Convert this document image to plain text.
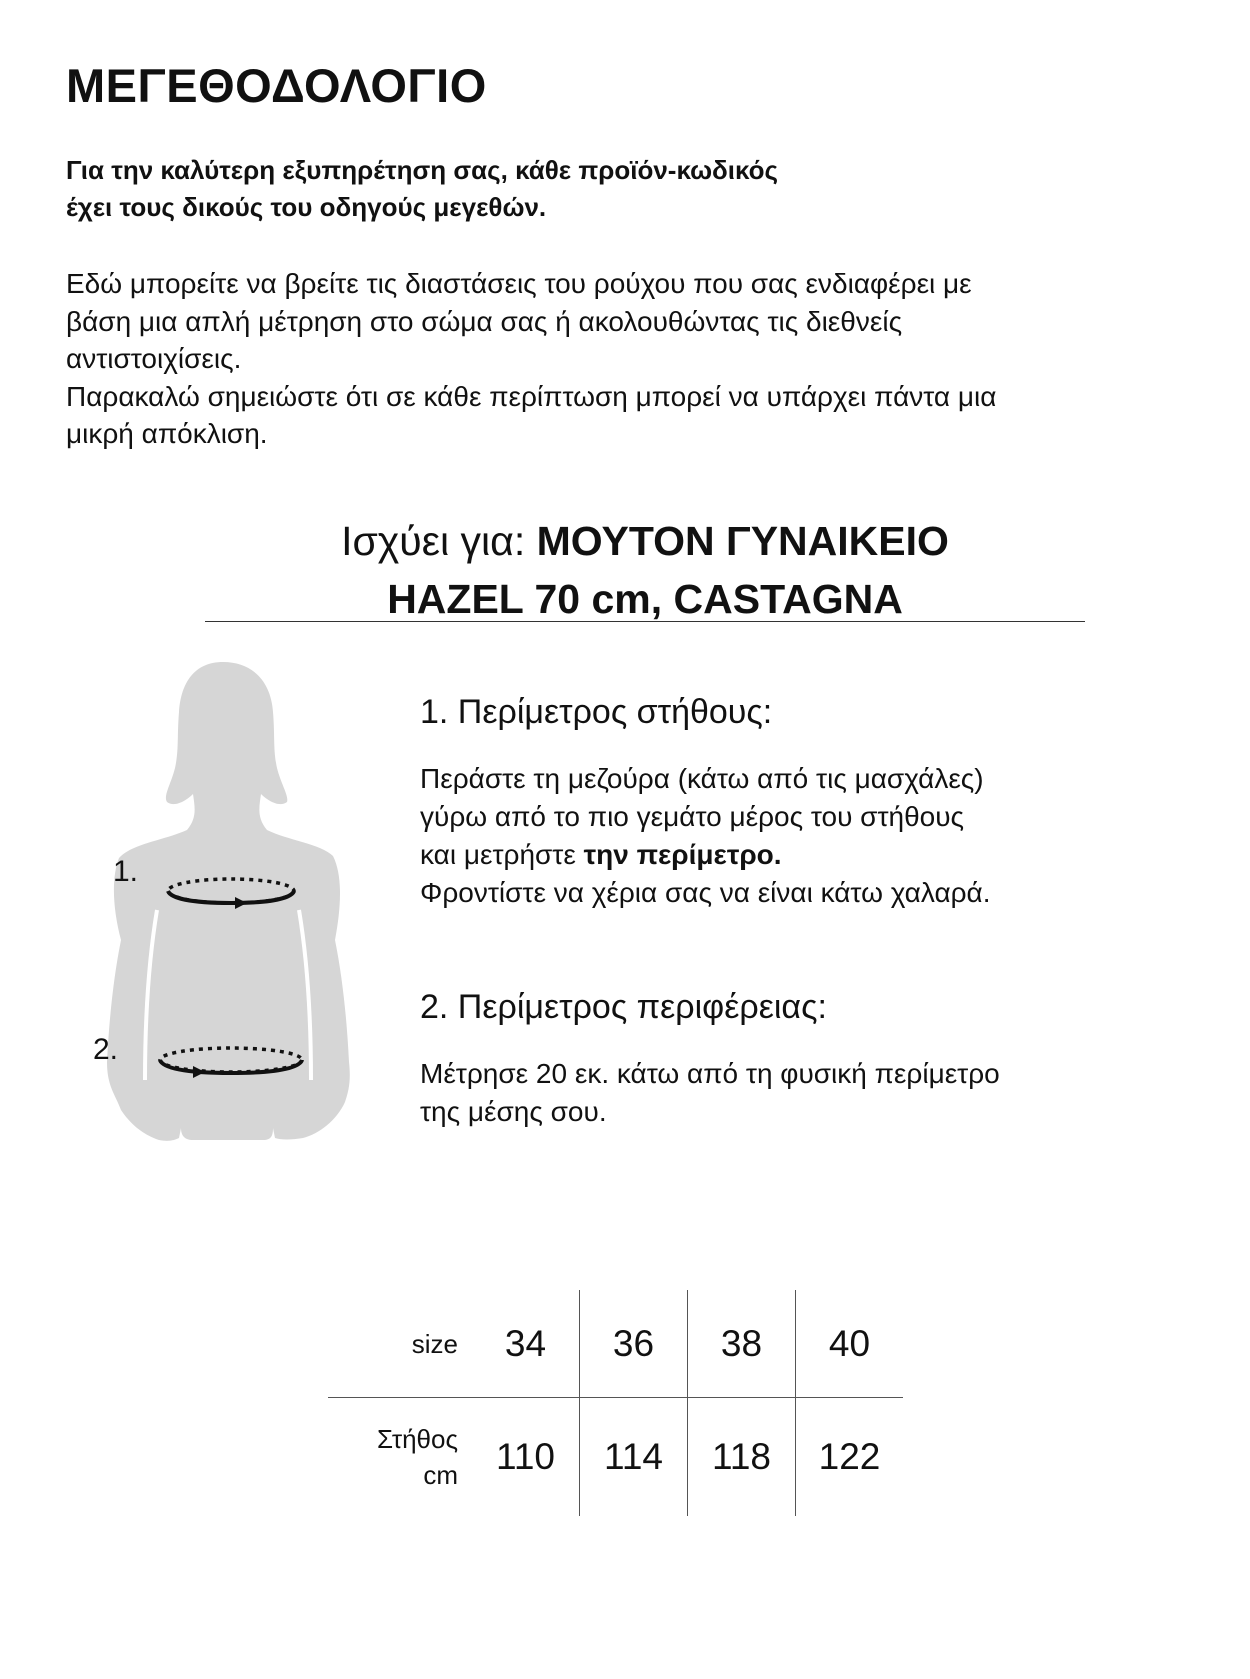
ΜΕΓΕΘΟΔΟΛΟΓΙΟ

Για την καλύτερη εξυπηρέτηση σας, κάθε προϊόν-κωδικός
έχει τους δικούς του οδηγούς μεγεθών.

Εδώ μπορείτε να βρείτε τις διαστάσεις του ρούχου που σας ενδιαφέρει με
βάση μια απλή μέτρηση στο σώμα σας ή ακολουθώντας τις διεθνείς
αντιστοιχίσεις.
Παρακαλώ σημειώστε ότι σε κάθε περίπτωση μπορεί να υπάρχει πάντα μια
μικρή απόκλιση.

Ισχύει για: ΜΟΥΤΟΝ ΓΥΝΑΙΚΕΙΟ
HAZEL 70 cm, CASTAGNA
1.
2.
1. Περίμετρος στήθους:

Περάστε τη μεζούρα (κάτω από τις μασχάλες)
γύρω από το πιο γεμάτο μέρος του στήθους
και μετρήστε την περίμετρο.
Φροντίστε να χέρια σας να είναι κάτω χαλαρά.

2. Περίμετρος περιφέρειας:

Μέτρησε 20 εκ. κάτω από τη φυσική περίμετρο
της μέσης σου.

size	34	36	38	40

Στήθος
cm	110	114	118	122
